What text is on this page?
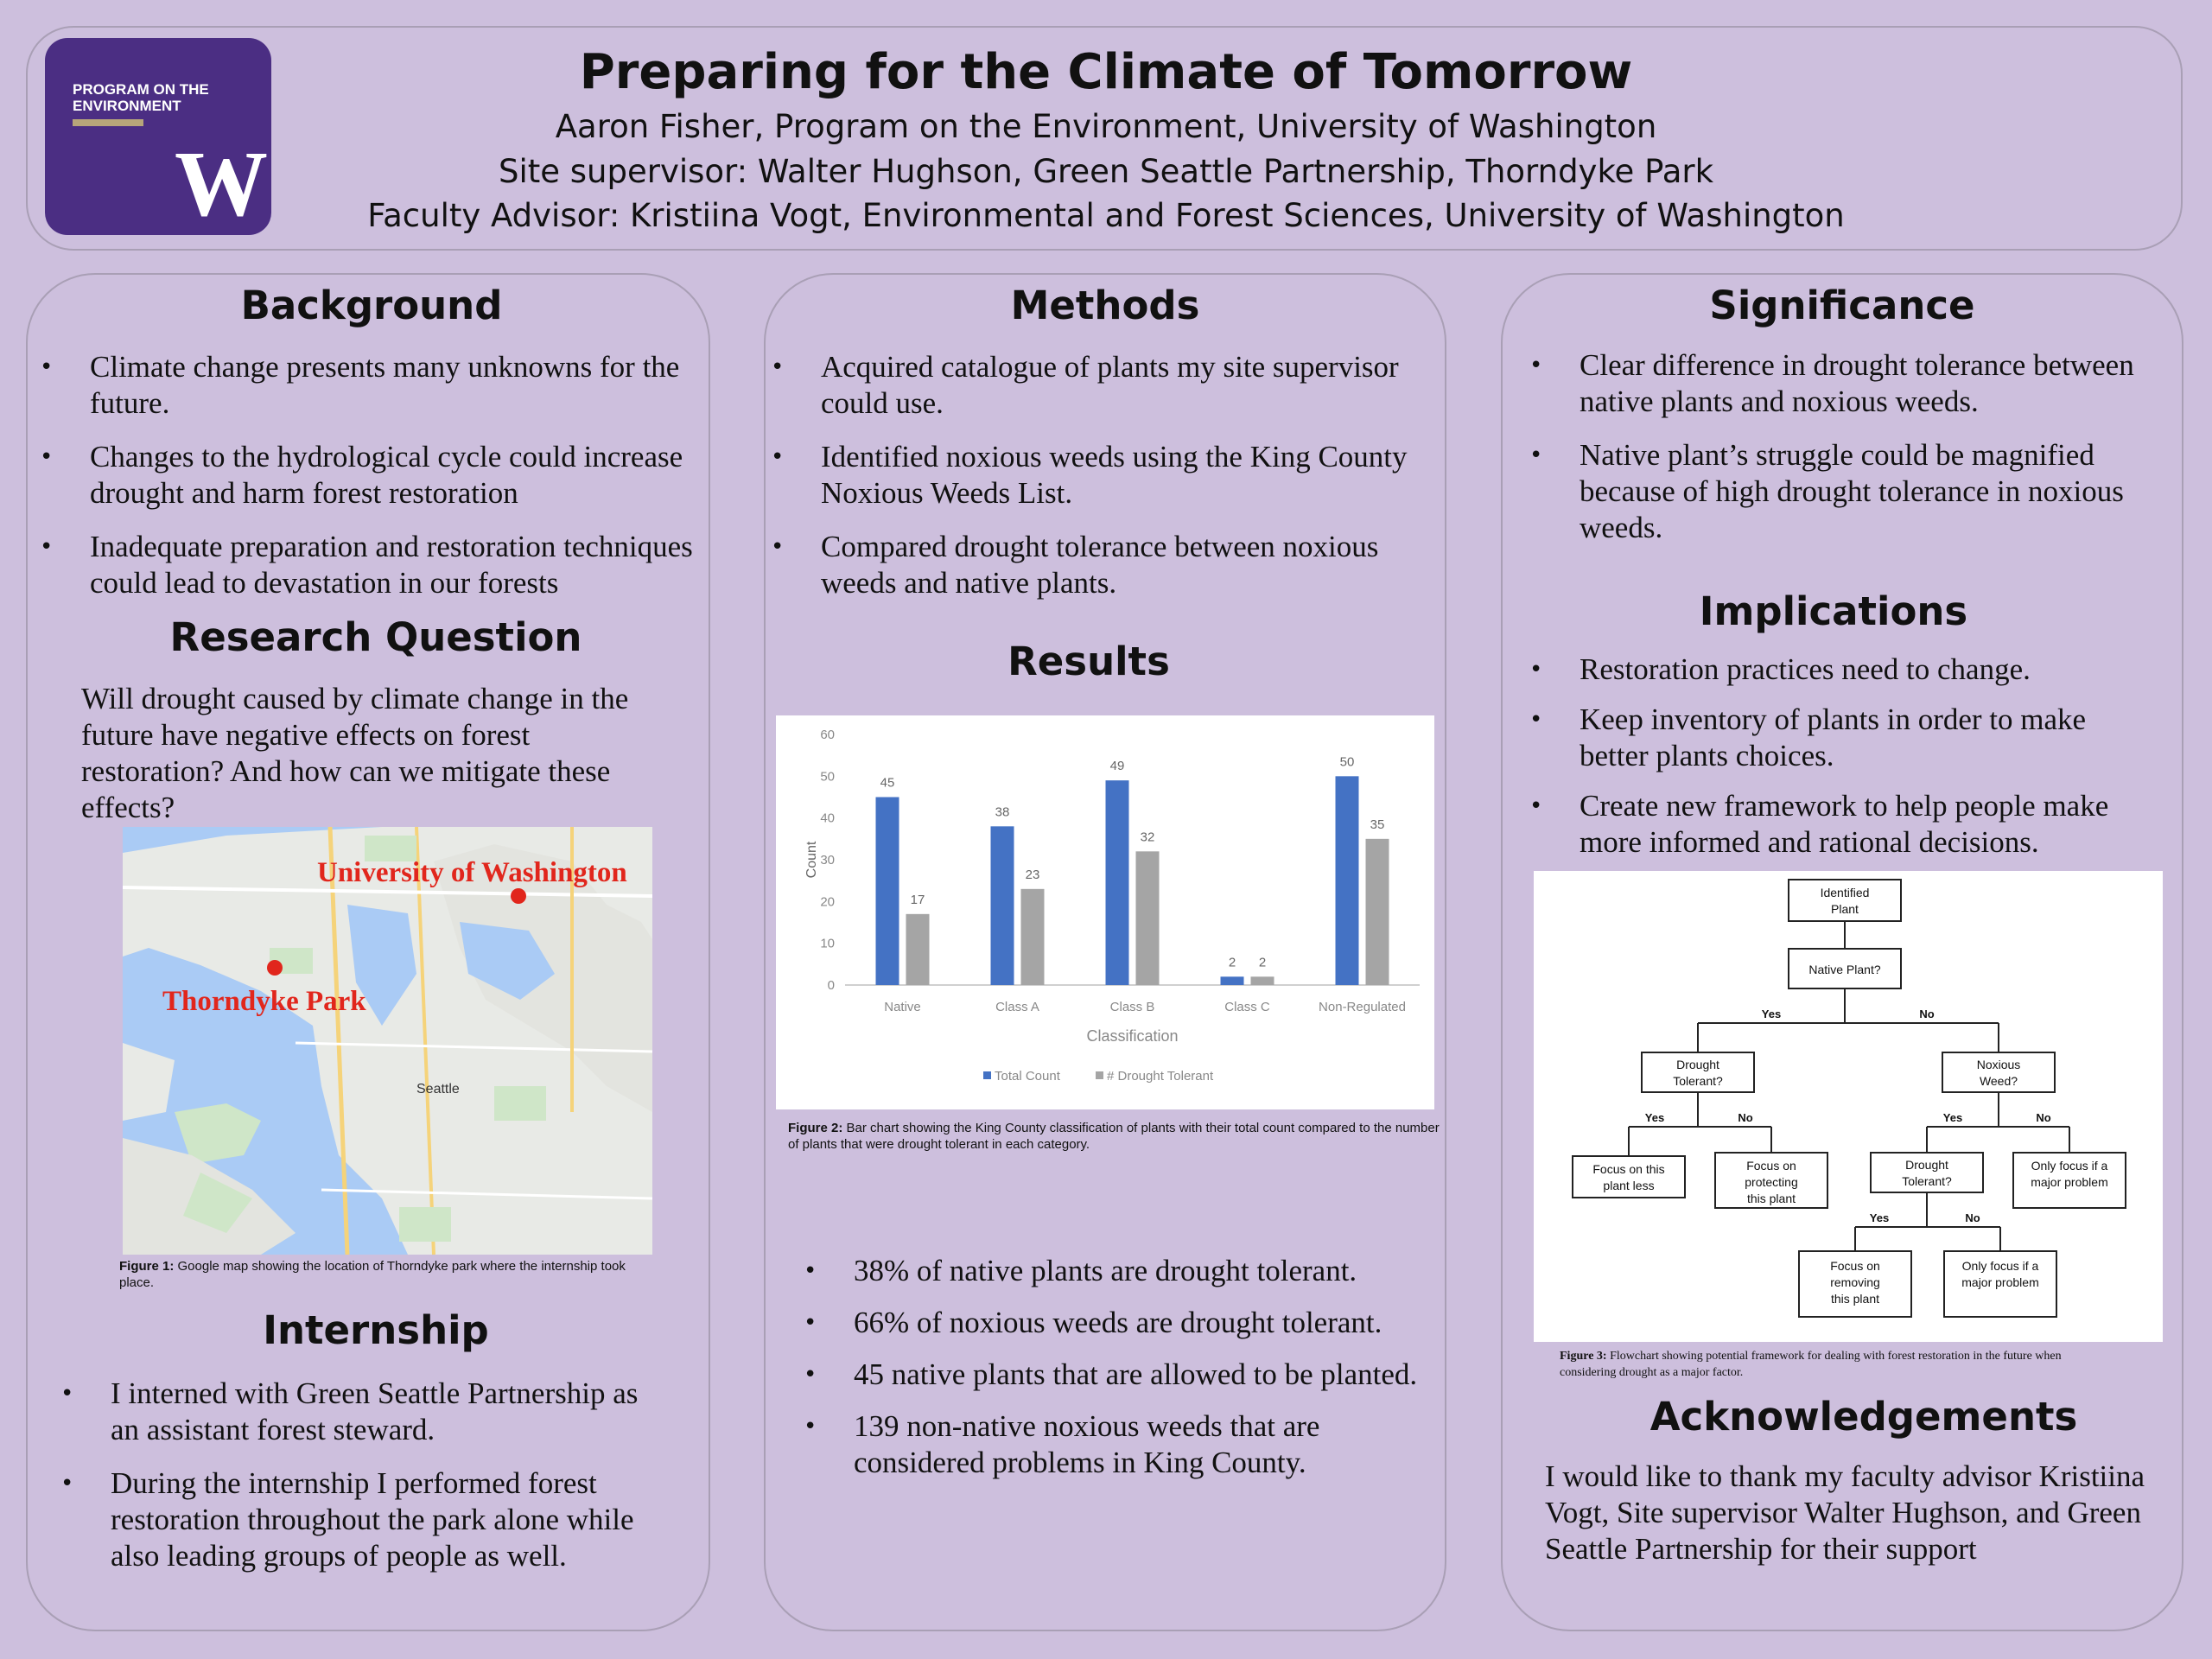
PROGRAM ON THE ENVIRONMENT
W
Preparing for the Climate of Tomorrow
Aaron Fisher, Program on the Environment, University of Washington
Site supervisor: Walter Hughson, Green Seattle Partnership, Thorndyke Park
Faculty Advisor: Kristiina Vogt, Environmental and Forest Sciences, University of Washington
Background
• Climate change presents many unknowns for the future.
• Changes to the hydrological cycle could increase drought and harm forest restoration
• Inadequate preparation and restoration techniques could lead to devastation in our forests
Research Question
Will drought caused by climate change in the future have negative effects on forest restoration? And how can we mitigate these effects?
University of Washington
Thorndyke Park
Seattle
Figure 1: Google map showing the location of Thorndyke park where the internship took place.
Internship
• I interned with Green Seattle Partnership as an assistant forest steward.
• During the internship I performed forest restoration throughout the park alone while also leading groups of people as well.
Methods
• Acquired catalogue of plants my site supervisor could use.
• Identified noxious weeds using the King County Noxious Weeds List.
• Compared drought tolerance between noxious weeds and native plants.
Results
0
10
20
30
40
50
60
Count
Native
45
17
Class A
38
23
Class B
49
32
Class C
2 2
Non-Regulated
50
35
Classification
Total Count	# Drought Tolerant
Figure 2: Bar chart showing the King County classification of plants with their total count compared to the number of plants that were drought tolerant in each category.
• 38% of native plants are drought tolerant.
• 66% of noxious weeds are drought tolerant.
• 45 native plants that are allowed to be planted.
• 139 non-native noxious weeds that are considered problems in King County.
Significance
• Clear difference in drought tolerance between native plants and noxious weeds.
• Native plant’s struggle could be magnified because of high drought tolerance in noxious weeds.
Implications
• Restoration practices need to change.
• Keep inventory of plants in order to make better plants choices.
• Create new framework to help people make more informed and rational decisions.
Identified Plant
Native Plant?
Drought Tolerant?
Noxious Weed?
Focus on this plant less
Focus on protecting this plant
Drought Tolerant?
Only focus if a major problem
Focus on removing this plant
Only focus if a major problem
Yes	No
Yes	No	Yes	No
Yes	No
Figure 3: Flowchart showing potential framework for dealing with forest restoration in the future when considering drought as a major factor.
Acknowledgements
I would like to thank my faculty advisor Kristiina Vogt, Site supervisor Walter Hughson, and Green Seattle Partnership for their support
